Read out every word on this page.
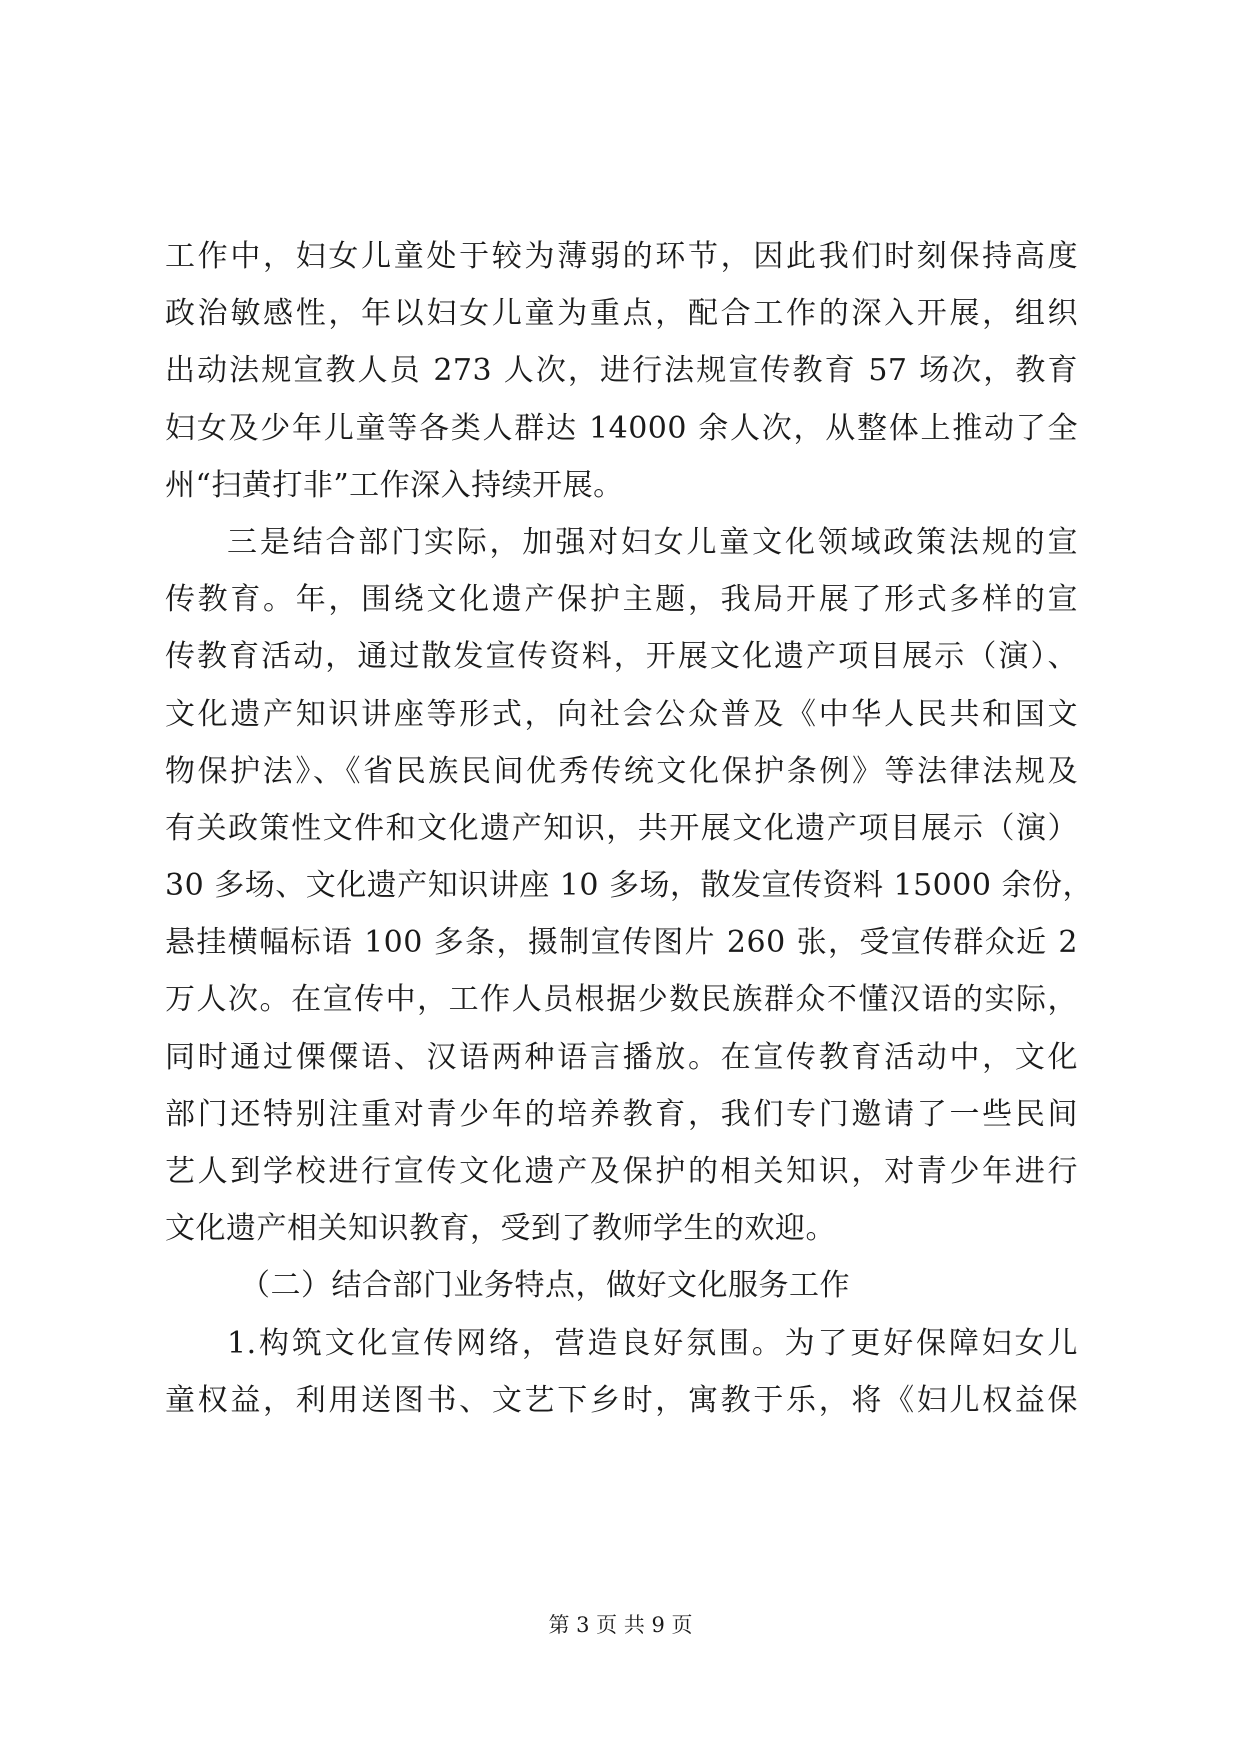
工作中，妇女儿童处于较为薄弱的环节，因此我们时刻保持高度
政治敏感性，年以妇女儿童为重点，配合工作的深入开展，组织
出动法规宣教人员 273 人次，进行法规宣传教育 57 场次，教育
妇女及少年儿童等各类人群达 14000 余人次，从整体上推动了全
州“扫黄打非”工作深入持续开展。
三是结合部门实际，加强对妇女儿童文化领域政策法规的宣
传教育。年，围绕文化遗产保护主题，我局开展了形式多样的宣
传教育活动，通过散发宣传资料，开展文化遗产项目展示（演）、
文化遗产知识讲座等形式，向社会公众普及《中华人民共和国文
物保护法》、《省民族民间优秀传统文化保护条例》等法律法规及
有关政策性文件和文化遗产知识，共开展文化遗产项目展示（演）
30 多场、文化遗产知识讲座 10 多场，散发宣传资料 15000 余份，
悬挂横幅标语 100 多条，摄制宣传图片 260 张，受宣传群众近 2
万人次。在宣传中，工作人员根据少数民族群众不懂汉语的实际，
同时通过傈僳语、汉语两种语言播放。在宣传教育活动中，文化
部门还特别注重对青少年的培养教育，我们专门邀请了一些民间
艺人到学校进行宣传文化遗产及保护的相关知识，对青少年进行
文化遗产相关知识教育，受到了教师学生的欢迎。
（二）结合部门业务特点，做好文化服务工作
1.构筑文化宣传网络，营造良好氛围。为了更好保障妇女儿
童权益，利用送图书、文艺下乡时，寓教于乐，将《妇儿权益保
第 3 页 共 9 页
